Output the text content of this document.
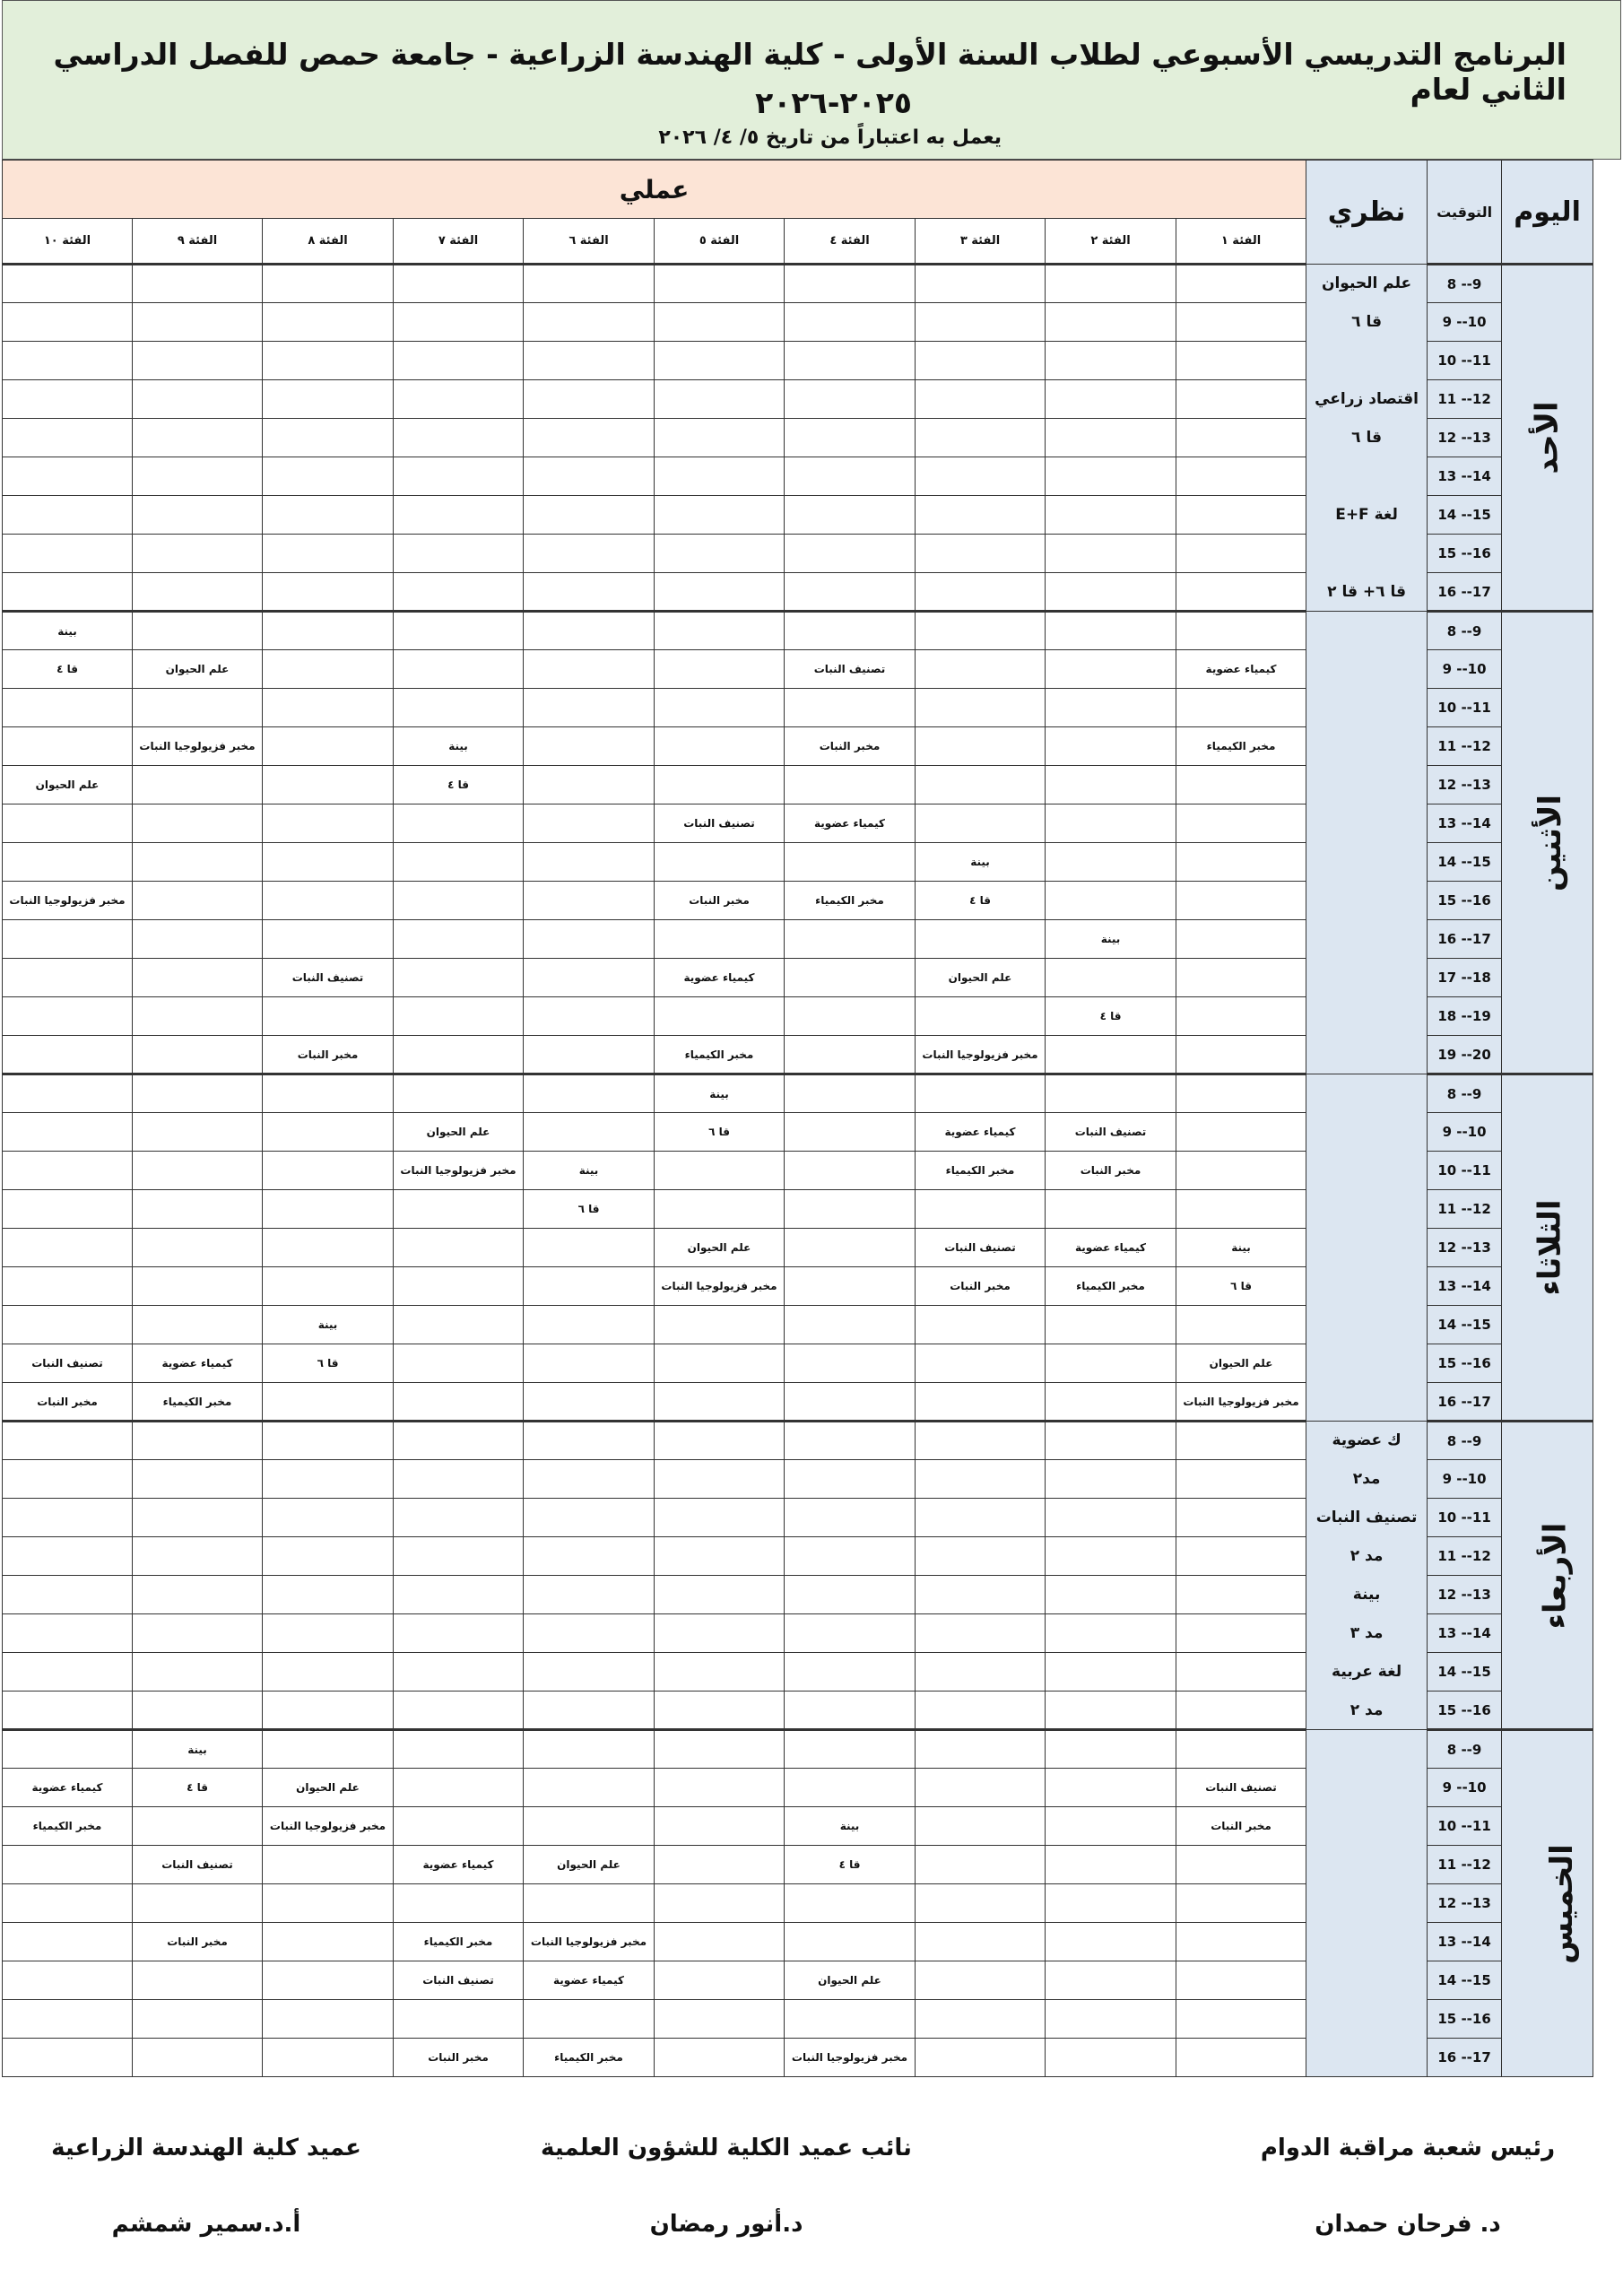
البرنامج التدريسي الأسبوعي لطلاب السنة الأولى - كلية الهندسة الزراعية - جامعة حمص للفصل الدراسي الثاني لعام
٢٠٢٥-٢٠٢٦
يعمل به اعتباراً من تاريخ ٥/ ٤/ ٢٠٢٦
عملي										نظري	التوقيت	اليوم
الفئة ١٠	الفئة ٩	الفئة ٨	الفئة ٧	الفئة ٦	الفئة ٥	الفئة ٤	الفئة ٣	الفئة ٢	الفئة ١			
										علم الحيوان	8 --9	الأحد
										قا ٦	9 --10	
											10 --11	
										اقتصاد زراعي	11 --12	
										قا ٦	12 --13	
											13 --14	
										لغة E+F	14 --15	
											15 --16	
										قا ٦+ قا ٢	16 --17	
بينة											8 --9	الأثنين
قا ٤	علم الحيوان					تصنيف النبات			كيمياء عضوية		9 --10	
											10 --11	
	مخبر فزيولوجيا النبات		بينة			مخبر النبات			مخبر الكيمياء		11 --12	
علم الحيوان			قا ٤								12 --13	
					تصنيف النبات	كيمياء عضوية					13 --14	
							بينة				14 --15	
مخبر فزيولوجيا النبات					مخبر النبات	مخبر الكيمياء	قا ٤				15 --16	
								بينة			16 --17	
		تصنيف النبات			كيمياء عضوية		علم الحيوان				17 --18	
								قا ٤			18 --19	
		مخبر النبات			مخبر الكيمياء		مخبر فزيولوجيا النبات				19 --20	
					بينة						8 --9	الثلاثاء
			علم الحيوان		قا ٦		كيمياء عضوية	تصنيف النبات			9 --10	
			مخبر فزيولوجيا النبات	بينة			مخبر الكيمياء	مخبر النبات			10 --11	
				قا ٦							11 --12	
					علم الحيوان		تصنيف النبات	كيمياء عضوية	بينة		12 --13	
					مخبر فزيولوجيا النبات		مخبر النبات	مخبر الكيمياء	قا ٦		13 --14	
		بينة									14 --15	
تصنيف النبات	كيمياء عضوية	قا ٦							علم الحيوان		15 --16	
مخبر النبات	مخبر الكيمياء								مخبر فزيولوجيا النبات		16 --17	
										ك عضوية	8 --9	الأربعاء
										مد٢	9 --10	
										تصنيف النبات	10 --11	
										مد ٢	11 --12	
										بينة	12 --13	
										مد ٣	13 --14	
										لغة عربية	14 --15	
										مد ٢	15 --16	
	بينة										8 --9	الخميس
كيمياء عضوية	قا ٤	علم الحيوان							تصنيف النبات		9 --10	
مخبر الكيمياء		مخبر فزيولوجيا النبات				بينة			مخبر النبات		10 --11	
	تصنيف النبات		كيمياء عضوية	علم الحيوان		قا ٤					11 --12	
											12 --13	
	مخبر النبات		مخبر الكيمياء	مخبر فزيولوجيا النبات							13 --14	
			تصنيف النبات	كيمياء عضوية		علم الحيوان					14 --15	
											15 --16	
			مخبر النبات	مخبر الكيمياء		مخبر فزيولوجيا النبات					16 --17	
رئيس شعبة مراقبة الدوام
د. فرحان حمدان
نائب عميد الكلية للشؤون العلمية
د.أنور رمضان
عميد كلية الهندسة الزراعية
أ.د.سمير شمشم
